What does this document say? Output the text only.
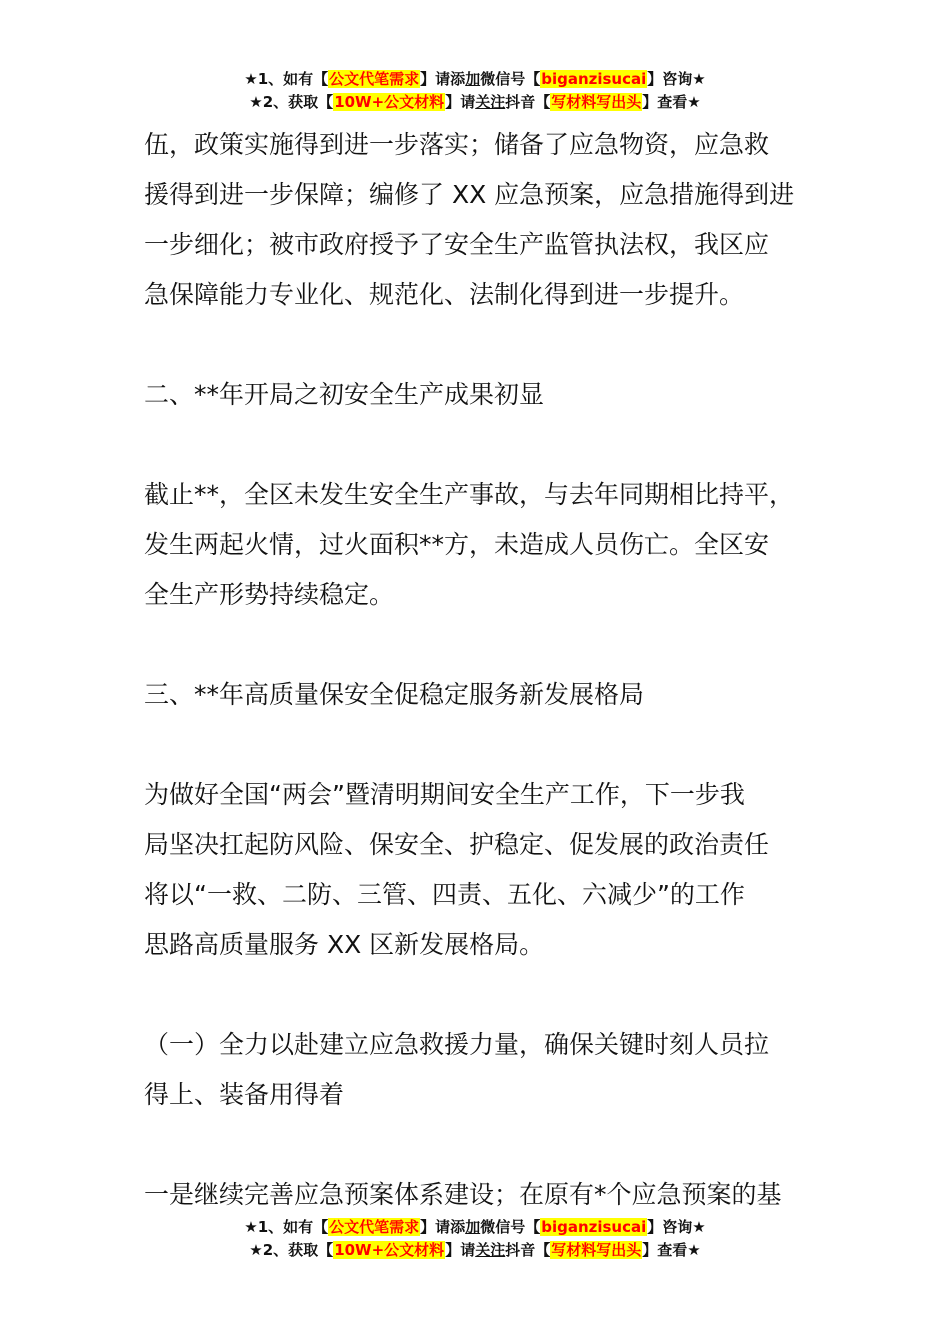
★1、如有【公文代笔需求】请添加微信号【biganzisucai】咨询★
★2、获取【10W+公文材料】请关注抖音【写材料写出头】查看★

伍，政策实施得到进一步落实；储备了应急物资，应急救

援得到进一步保障；编修了 XX 应急预案，应急措施得到进

一步细化；被市政府授予了安全生产监管执法权，我区应

急保障能力专业化、规范化、法制化得到进一步提升。

二、**年开局之初安全生产成果初显

截止**，全区未发生安全生产事故，与去年同期相比持平，

发生两起火情，过火面积**方，未造成人员伤亡。全区安

全生产形势持续稳定。

三、**年高质量保安全促稳定服务新发展格局

为做好全国“两会”暨清明期间安全生产工作，下一步我

局坚决扛起防风险、保安全、护稳定、促发展的政治责任

将以“一救、二防、三管、四责、五化、六减少”的工作

思路高质量服务 XX 区新发展格局。

（一）全力以赴建立应急救援力量，确保关键时刻人员拉

得上、装备用得着

一是继续完善应急预案体系建设；在原有*个应急预案的基

★1、如有【公文代笔需求】请添加微信号【biganzisucai】咨询★
★2、获取【10W+公文材料】请关注抖音【写材料写出头】查看★
